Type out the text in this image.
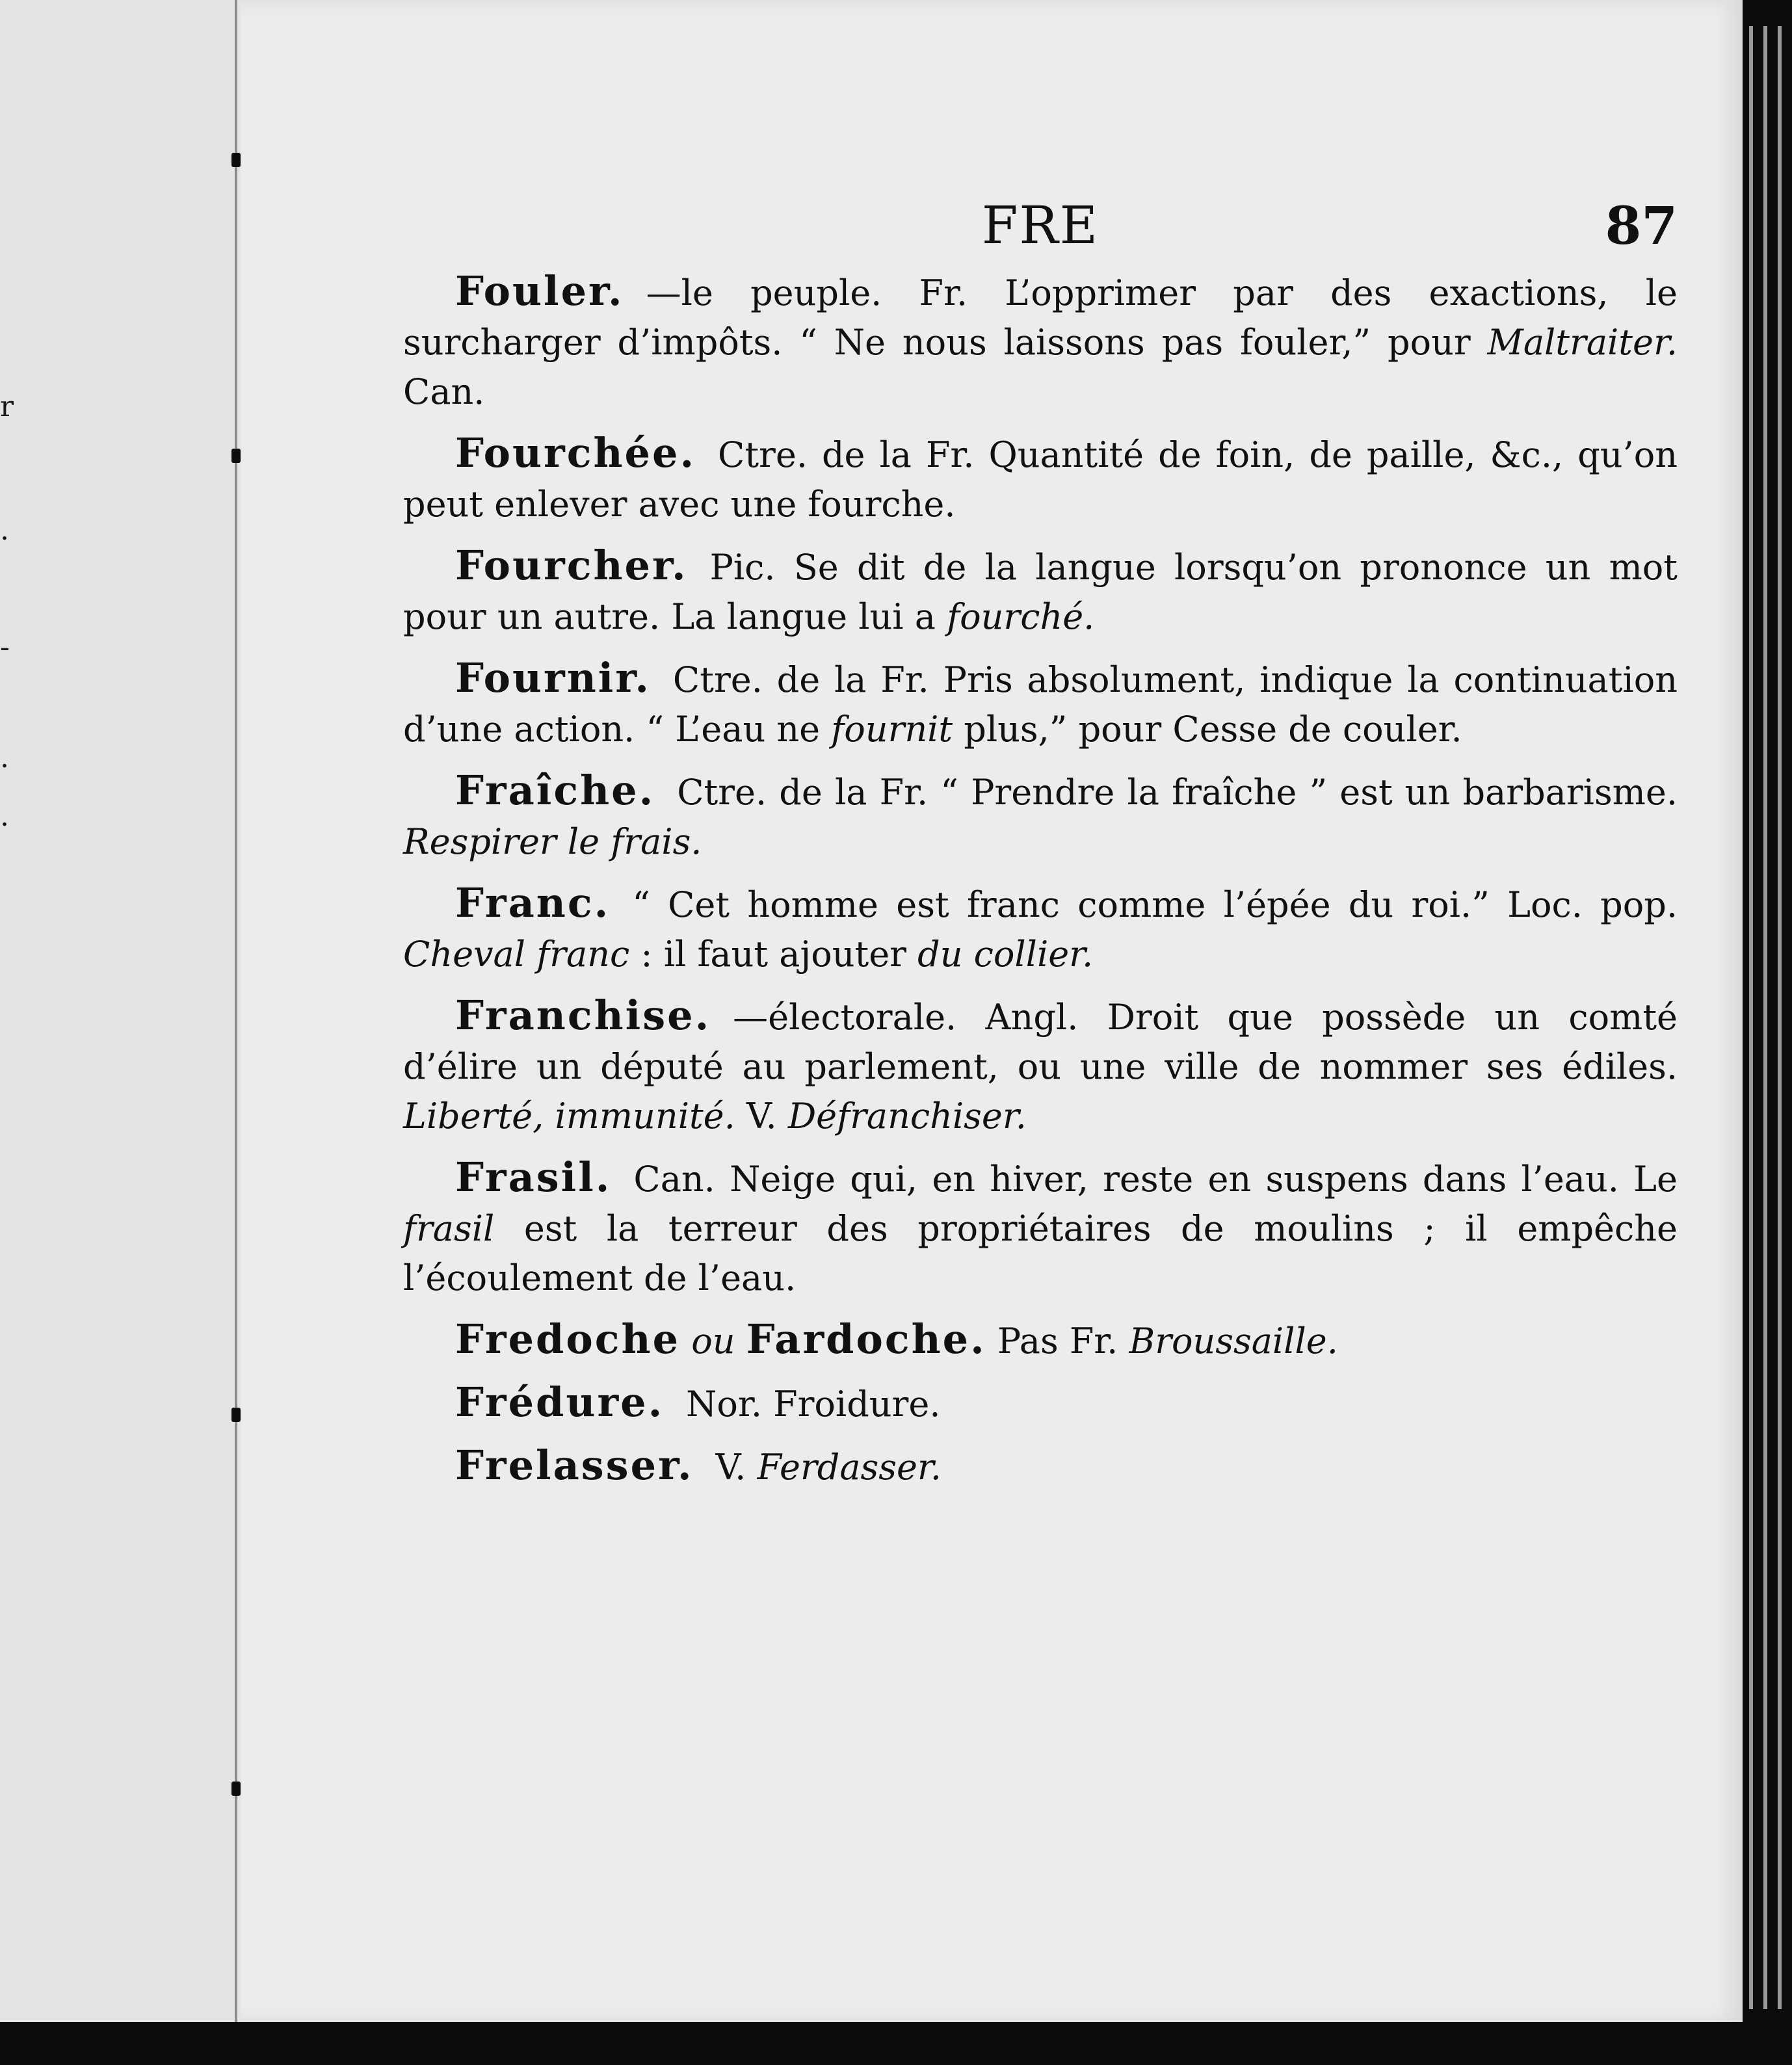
r
.
-
.
.
FRE	87

Fouler. —le peuple. Fr. L’opprimer par des exactions, le surcharger d’impôts. “ Ne nous laissons pas fouler,” pour Maltraiter. Can.

Fourchée. Ctre. de la Fr. Quantité de foin, de paille, &c., qu’on peut enlever avec une fourche.

Fourcher. Pic. Se dit de la langue lorsqu’on prononce un mot pour un autre. La langue lui a fourché.

Fournir. Ctre. de la Fr. Pris absolument, indique la continuation d’une action. “ L’eau ne fournit plus,” pour Cesse de couler.

Fraîche. Ctre. de la Fr. “ Prendre la fraîche ” est un barbarisme. Respirer le frais.

Franc. “ Cet homme est franc comme l’épée du roi.” Loc. pop. Cheval franc : il faut ajouter du collier.

Franchise. —électorale. Angl. Droit que possède un comté d’élire un député au parlement, ou une ville de nommer ses édiles. Liberté, immunité. V. Défranchiser.

Frasil. Can. Neige qui, en hiver, reste en suspens dans l’eau. Le frasil est la terreur des propriétaires de moulins ; il empêche l’écoulement de l’eau.

Fredoche ou Fardoche. Pas Fr. Broussaille.

Frédure. Nor. Froidure.

Frelasser. V. Ferdasser.
